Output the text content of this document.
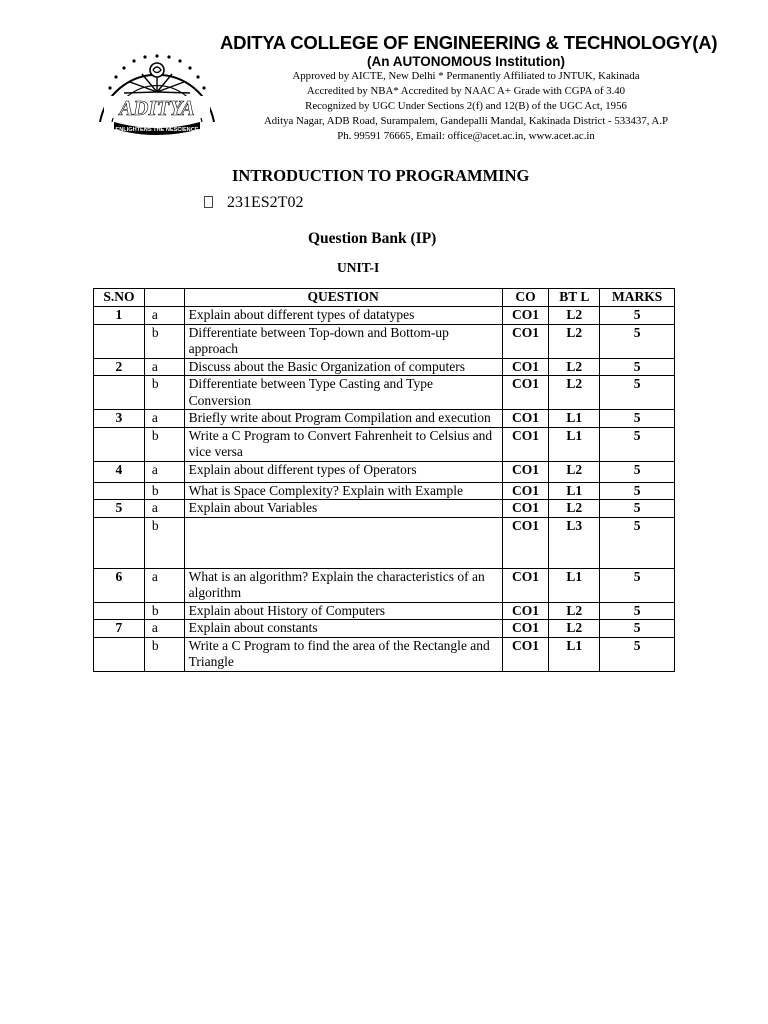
ADITYA
ENLIGHTENS THE NESCIENCE
ADITYA COLLEGE OF ENGINEERING & TECHNOLOGY(A)
(An AUTONOMOUS Institution)
Approved by AICTE, New Delhi * Permanently Affiliated to JNTUK, Kakinada
Accredited by NBA* Accredited by NAAC A+ Grade with CGPA of 3.40
Recognized by UGC Under Sections 2(f) and 12(B) of the UGC Act, 1956
Aditya Nagar, ADB Road, Surampalem, Gandepalli Mandal, Kakinada District - 533437, A.P
Ph. 99591 76665, Email: office@acet.ac.in, www.acet.ac.in
INTRODUCTION TO PROGRAMMING
231ES2T02
Question Bank (IP)
UNIT-I
S.NO		QUESTION	CO	BT L	MARKS
1	a	Explain about different types of datatypes	CO1	L2	5
	b	Differentiate between Top-down and Bottom-up approach	CO1	L2	5
2	a	Discuss about the Basic Organization of computers	CO1	L2	5
	b	Differentiate between Type Casting and Type Conversion	CO1	L2	5
3	a	Briefly write about Program Compilation and execution	CO1	L1	5
	b	Write a C Program to Convert Fahrenheit to Celsius and vice versa	CO1	L1	5
4	a	Explain about different types of Operators	CO1	L2	5
	b	What is Space Complexity? Explain with Example	CO1	L1	5
5	a	Explain about Variables	CO1	L2	5
	b		CO1	L3	5
6	a	What is an algorithm? Explain the characteristics of an algorithm	CO1	L1	5
	b	Explain about History of Computers	CO1	L2	5
7	a	Explain about constants	CO1	L2	5
	b	Write a C Program to find the area of the Rectangle and Triangle	CO1	L1	5
